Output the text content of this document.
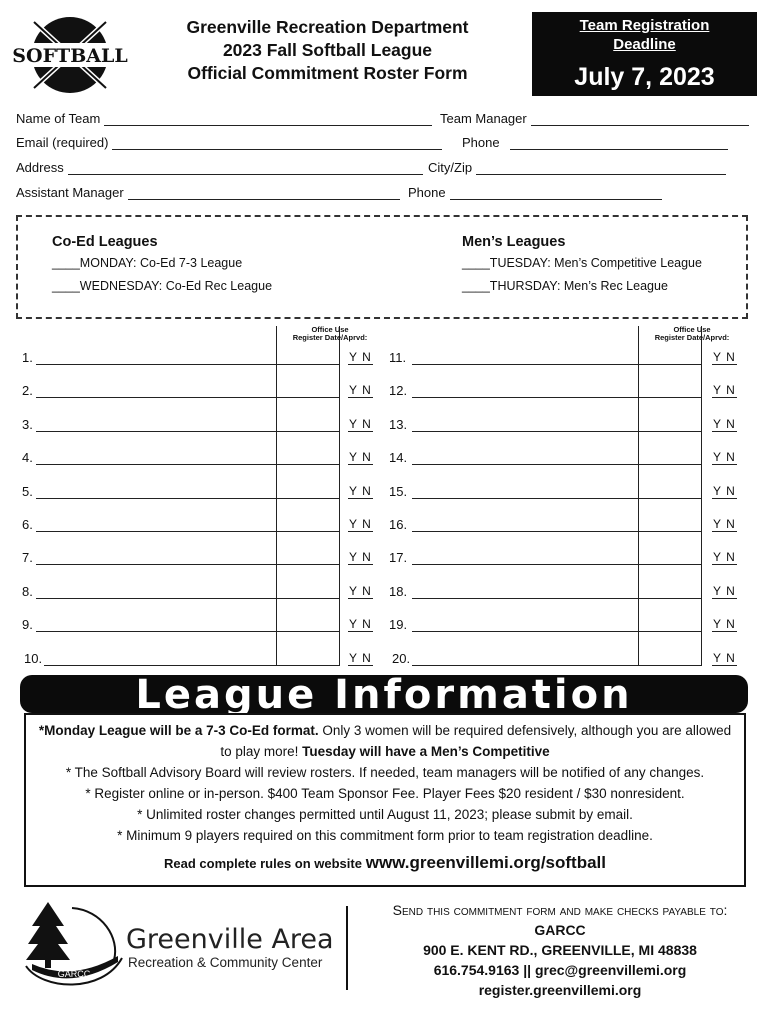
SOFTBALL
Greenville Recreation Department
2023 Fall Softball League
Official Commitment Roster Form
Team Registration
Deadline
July 7, 2023
Name of Team	Team Manager
Email (required)	Phone
Address	City/Zip
Assistant Manager	Phone
Co-Ed Leagues
____MONDAY: Co-Ed 7-3 League
____WEDNESDAY: Co-Ed Rec League
Men’s Leagues
____TUESDAY: Men’s Competitive League
____THURSDAY: Men’s Rec League
Office Use
Register Date/Aprvd:
Office Use
Register Date/Aprvd:
1.	Y N 11.	Y N
2.	Y N 12.	Y N
3.	Y N 13.	Y N
4.	Y N 14.	Y N
5.	Y N 15.	Y N
6.	Y N 16.	Y N
7.	Y N 17.	Y N
8.	Y N 18.	Y N
9.	Y N 19.	Y N
10.	Y N 20.	Y N
League Information
*Monday League will be a 7-3 Co-Ed format. Only 3 women will be required defensively, although you are allowed to play more! Tuesday will have a Men’s Competitive
* The Softball Advisory Board will review rosters. If needed, team managers will be notified of any changes.
* Register online or in-person. $400 Team Sponsor Fee. Player Fees $20 resident / $30 nonresident.
* Unlimited roster changes permitted until August 11, 2023; please submit by email.
* Minimum 9 players required on this commitment form prior to team registration deadline.
Read complete rules on website www.greenvillemi.org/softball
GARCC
Greenville Area
Recreation & Community Center
Send this commitment form and make checks payable to:
GARCC
900 E. KENT RD., GREENVILLE, MI 48838
616.754.9163 || grec@greenvillemi.org
register.greenvillemi.org
